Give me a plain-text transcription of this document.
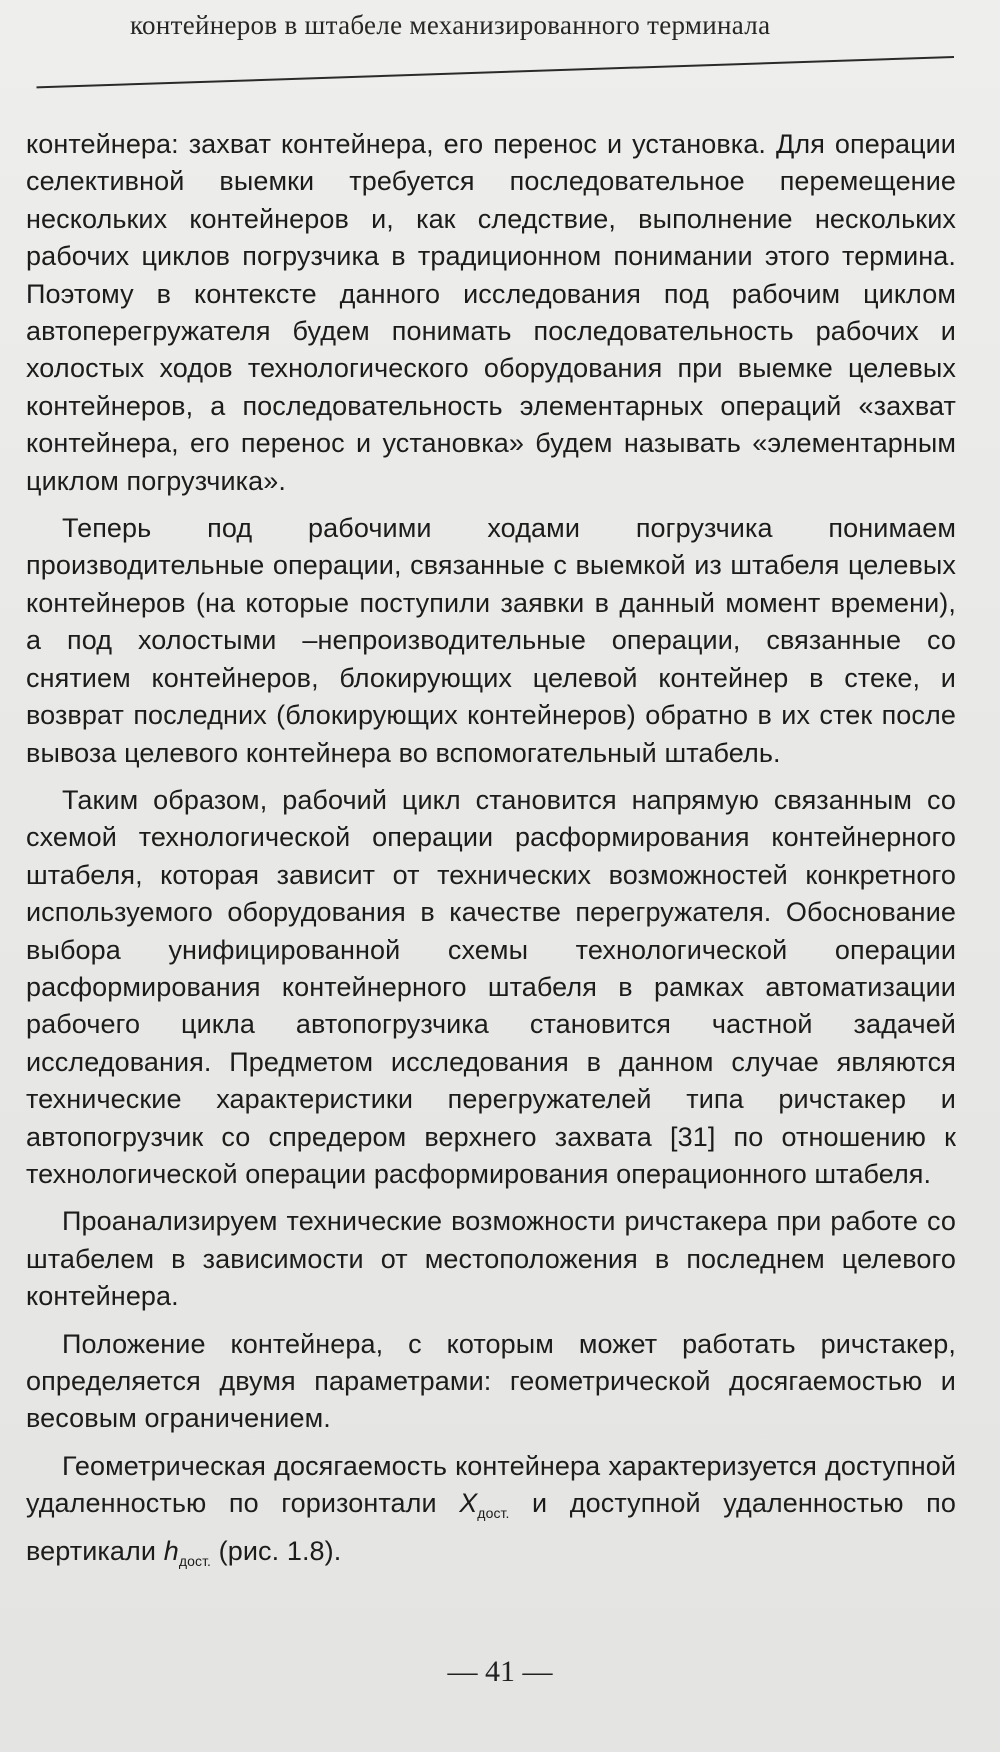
контейнеров в штабеле механизированного терминала

контейнера: захват контейнера, его перенос и установка. Для операции селективной выемки требуется последовательное перемещение нескольких контейнеров и, как следствие, выполнение нескольких рабочих циклов погрузчика в традиционном понимании этого термина. Поэтому в контексте данного исследования под рабочим циклом автоперегружателя будем понимать последовательность рабочих и холостых ходов технологического оборудования при выемке целевых контейнеров, а последовательность элементарных операций «захват контейнера, его перенос и установка» будем называть «элементарным циклом погрузчика».

Теперь под рабочими ходами погрузчика понимаем производительные операции, связанные с выемкой из штабеля целевых контейнеров (на которые поступили заявки в данный момент времени), а под холостыми –непроизводительные операции, связанные со снятием контейнеров, блокирующих целевой контейнер в стеке, и возврат последних (блокирующих контейнеров) обратно в их стек после вывоза целевого контейнера во вспомогательный штабель.

Таким образом, рабочий цикл становится напрямую связанным со схемой технологической операции расформирования контейнерного штабеля, которая зависит от технических возможностей конкретного используемого оборудования в качестве перегружателя. Обоснование выбора унифицированной схемы технологической операции расформирования контейнерного штабеля в рамках автоматизации рабочего цикла автопогрузчика становится частной задачей исследования. Предметом исследования в данном случае являются технические характеристики перегружателей типа ричстакер и автопогрузчик со спредером верхнего захвата [31] по отношению к технологической операции расформирования операционного штабеля.

Проанализируем технические возможности ричстакера при работе со штабелем в зависимости от местоположения в последнем целевого контейнера.

Положение контейнера, с которым может работать ричстакер, определяется двумя параметрами: геометрической досягаемостью и весовым ограничением.

Геометрическая досягаемость контейнера характеризуется доступной удаленностью по горизонтали $X_{дост.}$ и доступной удаленностью по вертикали $h_{дост.}$ (рис. 1.8).

— 41 —
